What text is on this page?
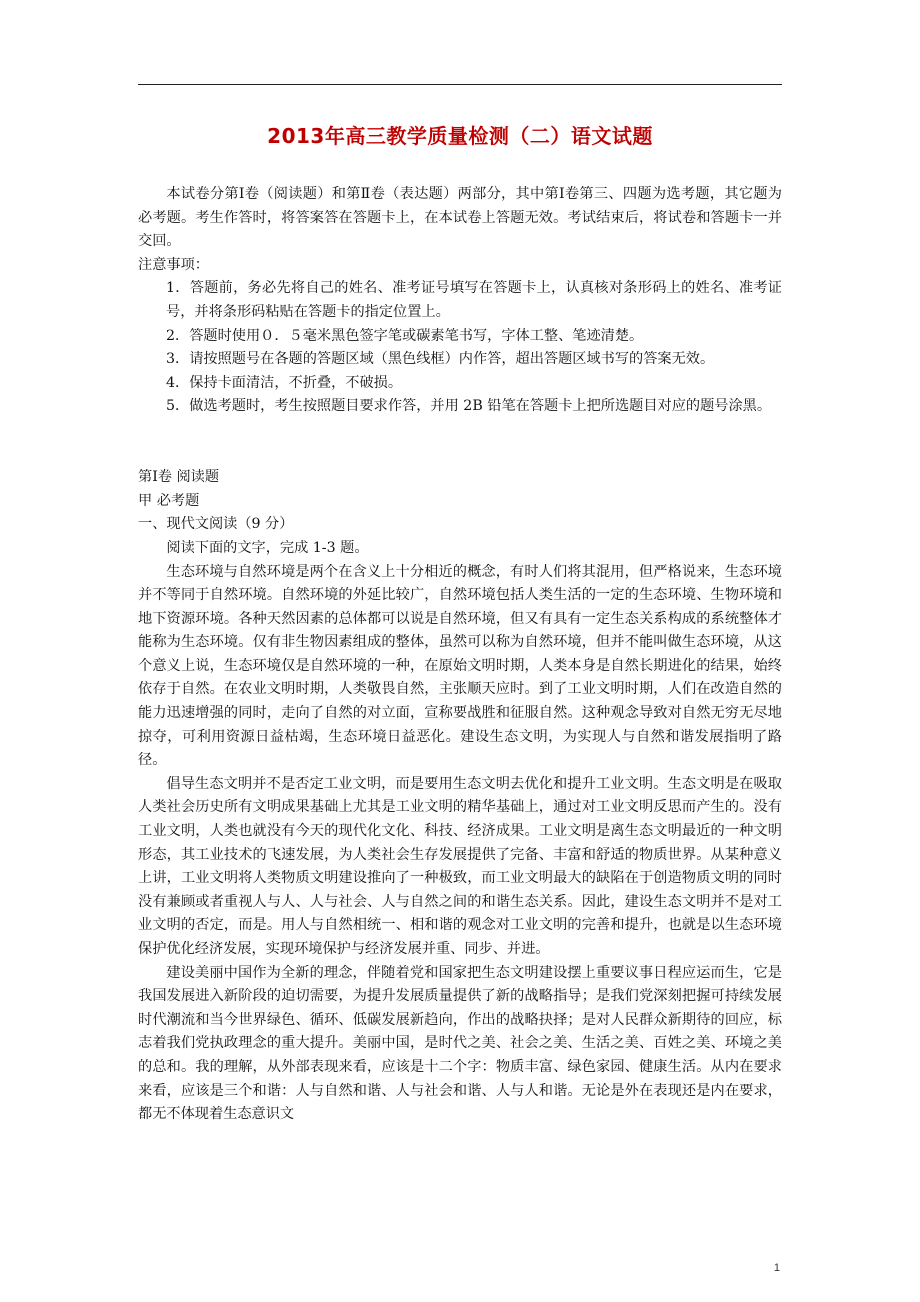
2013年高三教学质量检测（二）语文试题

本试卷分第Ⅰ卷（阅读题）和第Ⅱ卷（表达题）两部分，其中第Ⅰ卷第三、四题为选考题，其它题为必考题。考生作答时，将答案答在答题卡上，在本试卷上答题无效。考试结束后，将试卷和答题卡一并交回。

注意事项：

1．答题前，务必先将自己的姓名、准考证号填写在答题卡上，认真核对条形码上的姓名、准考证号，并将条形码粘贴在答题卡的指定位置上。
2．答题时使用０．５毫米黑色签字笔或碳素笔书写，字体工整、笔迹清楚。
3．请按照题号在各题的答题区域（黑色线框）内作答，超出答题区域书写的答案无效。
4．保持卡面清洁，不折叠，不破损。
5．做选考题时，考生按照题目要求作答，并用 2B 铅笔在答题卡上把所选题目对应的题号涂黑。

第Ⅰ卷 阅读题

甲 必考题

一、现代文阅读（9 分）

阅读下面的文字，完成 1-3 题。

生态环境与自然环境是两个在含义上十分相近的概念，有时人们将其混用，但严格说来，生态环境并不等同于自然环境。自然环境的外延比较广，自然环境包括人类生活的一定的生态环境、生物环境和地下资源环境。各种天然因素的总体都可以说是自然环境，但又有具有一定生态关系构成的系统整体才能称为生态环境。仅有非生物因素组成的整体，虽然可以称为自然环境，但并不能叫做生态环境，从这个意义上说，生态环境仅是自然环境的一种，在原始文明时期，人类本身是自然长期进化的结果，始终依存于自然。在农业文明时期，人类敬畏自然，主张顺天应时。到了工业文明时期，人们在改造自然的能力迅速增强的同时，走向了自然的对立面，宣称要战胜和征服自然。这种观念导致对自然无穷无尽地掠夺，可利用资源日益枯竭，生态环境日益恶化。建设生态文明，为实现人与自然和谐发展指明了路径。

倡导生态文明并不是否定工业文明，而是要用生态文明去优化和提升工业文明。生态文明是在吸取人类社会历史所有文明成果基础上尤其是工业文明的精华基础上，通过对工业文明反思而产生的。没有工业文明，人类也就没有今天的现代化文化、科技、经济成果。工业文明是离生态文明最近的一种文明形态，其工业技术的飞速发展，为人类社会生存发展提供了完备、丰富和舒适的物质世界。从某种意义上讲，工业文明将人类物质文明建设推向了一种极致，而工业文明最大的缺陷在于创造物质文明的同时没有兼顾或者重视人与人、人与社会、人与自然之间的和谐生态关系。因此，建设生态文明并不是对工业文明的否定，而是。用人与自然相统一、相和谐的观念对工业文明的完善和提升，也就是以生态环境保护优化经济发展，实现环境保护与经济发展并重、同步、并进。

建设美丽中国作为全新的理念，伴随着党和国家把生态文明建设摆上重要议事日程应运而生，它是我国发展进入新阶段的迫切需要，为提升发展质量提供了新的战略指导；是我们党深刻把握可持续发展时代潮流和当今世界绿色、循环、低碳发展新趋向，作出的战略抉择；是对人民群众新期待的回应，标志着我们党执政理念的重大提升。美丽中国，是时代之美、社会之美、生活之美、百姓之美、环境之美的总和。我的理解，从外部表现来看，应该是十二个字：物质丰富、绿色家园、健康生活。从内在要求来看，应该是三个和谐：人与自然和谐、人与社会和谐、人与人和谐。无论是外在表现还是内在要求，都无不体现着生态意识文

1
